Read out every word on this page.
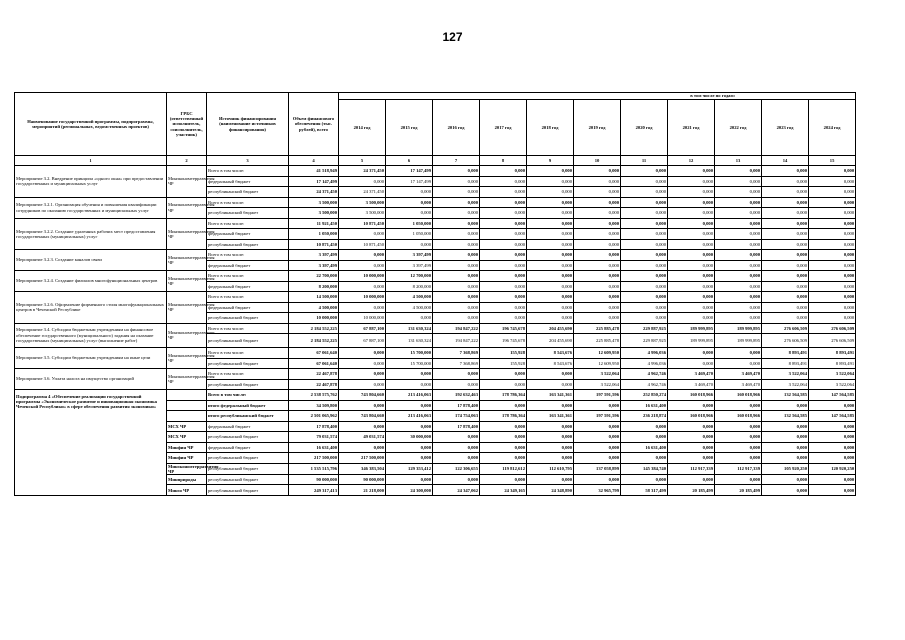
127
Наименование государственной программы, подпрограммы, мероприятий (региональных, ведомственных проектов)	ГРБС (ответственный исполнитель, соисполнитель, участник)	Источник финансирования (наименование источников финансирования)	Объем финансового обеспечения (тыс. рублей), всего	в том числе по годам:										
				2014 год	2015 год	2016 год	2017 год	2018 год	2019 год	2020 год	2021 год	2022 год	2023 год	2024 год
1	2	3	4	5	6	7	8	9	10	11	12	13	14	15
Мероприятие 3.2. Внедрение принципа «одного окна» при предоставлении государственных и муниципальных услуг	Минэкономтерразвития ЧР	Всего в том числе:	41 518,949	24 371,450	17 147,499	0,000	0,000	0,000	0,000	0,000	0,000	0,000	0,000	0,000
		федеральный бюджет	17 147,499	0,000	17 147,499	0,000	0,000	0,000	0,000	0,000	0,000	0,000	0,000	0,000
		республиканский бюджет	24 371,450	24 371,450	0,000	0,000	0,000	0,000	0,000	0,000	0,000	0,000	0,000	0,000
Мероприятие 3.2.1. Организация обучения и повышения квалификации сотрудников по оказанию государственных и муниципальных услуг	Минэкономтерразвития ЧР	Всего в том числе:	3 500,000	3 500,000	0,000	0,000	0,000	0,000	0,000	0,000	0,000	0,000	0,000	0,000
		республиканский бюджет	3 500,000	3 500,000	0,000	0,000	0,000	0,000	0,000	0,000	0,000	0,000	0,000	0,000
Мероприятие 3.2.2. Создание удаленных рабочих мест предоставления государственных (муниципальных) услуг	Минэкономтерразвития ЧР	Всего в том числе:	11 921,450	10 871,450	1 050,000	0,000	0,000	0,000	0,000	0,000	0,000	0,000	0,000	0,000
		федеральный бюджет	1 050,000	0,000	1 050,000	0,000	0,000	0,000	0,000	0,000	0,000	0,000	0,000	0,000
		республиканский бюджет	10 871,450	10 871,450	0,000	0,000	0,000	0,000	0,000	0,000	0,000	0,000	0,000	0,000
Мероприятие 3.2.3. Создание каналов связи	Минэкономтерразвития ЧР	Всего в том числе:	3 397,499	0,000	3 397,499	0,000	0,000	0,000	0,000	0,000	0,000	0,000	0,000	0,000
		федеральный бюджет	3 397,499	0,000	3 397,499	0,000	0,000	0,000	0,000	0,000	0,000	0,000	0,000	0,000
Мероприятие 3.2.4. Создание филиалов многофункциональных центров	Минэкономтерразвития ЧР	Всего в том числе:	22 700,000	10 000,000	12 700,000	0,000	0,000	0,000	0,000	0,000	0,000	0,000	0,000	0,000
		федеральный бюджет	8 200,000	0,000	8 200,000	0,000	0,000	0,000	0,000	0,000	0,000	0,000	0,000	0,000
Мероприятие 3.2.6. Оформление фирменного стиля многофункциональных центров в Чеченской Республике	Минэкономтерразвития ЧР	Всего в том числе:	14 500,000	10 000,000	4 500,000	0,000	0,000	0,000	0,000	0,000	0,000	0,000	0,000	0,000
		федеральный бюджет	4 500,000	0,000	4 500,000	0,000	0,000	0,000	0,000	0,000	0,000	0,000	0,000	0,000
		республиканский бюджет	10 000,000	10 000,000	0,000	0,000	0,000	0,000	0,000	0,000	0,000	0,000	0,000	0,000
Мероприятие 3.4. Субсидии бюджетным учреждениям на финансовое обеспечение государственного (муниципального) задания на оказание государственных (муниципальных) услуг (выполнение работ)	Минэкономтерразвития ЧР	Всего в том числе:	2 184 552,225	67 887,100	131 630,324	194 847,222	196 745,678	204 455,690	225 885,478	229 887,925	189 999,895	189 999,895	276 606,509	276 606,509
		республиканский бюджет	2 184 552,225	67 887,100	131 630,324	194 847,222	196 745,678	204 455,690	225 885,478	229 887,925	189 999,895	189 999,895	276 606,509	276 606,509
Мероприятие 3.5. Субсидии бюджетным учреждениям на иные цели	Минэкономтерразвития ЧР	Всего в том числе:	67 061,640	0,000	15 700,000	7 368,869	155,928	8 543,676	12 609,950	4 996,036	0,000	0,000	8 893,491	8 893,491
		республиканский бюджет	67 061,640	0,000	15 700,000	7 368,869	155,928	8 543,676	12 609,950	4 996,036	0,000	0,000	8 893,491	8 893,491
Мероприятие 3.6. Уплата налога на имущество организаций	Минэкономтерразвития ЧР	Всего в том числе:	22 467,878	0,000	0,000	0,000	0,000	0,000	3 522,064	4 962,746	3 469,470	3 469,470	3 522,064	3 522,064
		республиканский бюджет	22 467,878	0,000	0,000	0,000	0,000	0,000	3 522,064	4 962,746	3 469,470	3 469,470	3 522,064	3 522,064
Подпрограмма 4 «Обеспечение реализации государственной программы «Экономическое развитие и инновационная экономика Чеченской Республики» в сфере обеспечения развития экономики»		Всего в том числе:	2 538 575,762	743 804,660	213 416,063	192 632,463	178 786,364	163 341,361	197 591,596	252 850,274	160 018,966	160 018,966	132 564,585	147 564,585
		итого федеральный бюджет	34 509,800	0,000	0,000	17 878,400	0,000	0,000	0,000	16 631,400	0,000	0,000	0,000	0,000
		итого республиканский бюджет	2 501 065,962	743 804,660	213 416,063	174 754,063	178 786,364	163 341,361	197 591,596	236 218,874	160 018,966	160 018,966	132 564,585	147 564,585
	МСХ ЧР	федеральный бюджет	17 878,400	0,000	0,000	17 878,400	0,000	0,000	0,000	0,000	0,000	0,000	0,000	0,000
	МСХ ЧР	республиканский бюджет	79 031,574	49 031,574	30 000,000	0,000	0,000	0,000	0,000	0,000	0,000	0,000	0,000	0,000
	Минфин ЧР	федеральный бюджет	16 631,400	0,000	0,000	0,000	0,000	0,000	0,000	16 631,400	0,000	0,000	0,000	0,000
	Минфин ЧР	республиканский бюджет	217 500,000	217 500,000	0,000	0,000	0,000	0,000	0,000	0,000	0,000	0,000	0,000	0,000
	Минэкономтерразвития ЧР	республиканский бюджет	1 535 515,796	346 383,504	129 353,412	122 306,655	119 812,612	112 610,795	137 058,899	145 384,740	112 917,339	112 917,339	105 920,250	120 920,250
	Минприроды	республиканский бюджет	90 000,000	90 000,000	0,000	0,000	0,000	0,000	0,000	0,000	0,000	0,000	0,000	0,000
	Минэо ЧР	республиканский бюджет	249 317,413	21 218,000	24 300,000	24 347,062	24 349,165	24 348,890	32 965,799	58 317,499	20 185,499	20 185,499	0,000	0,000
